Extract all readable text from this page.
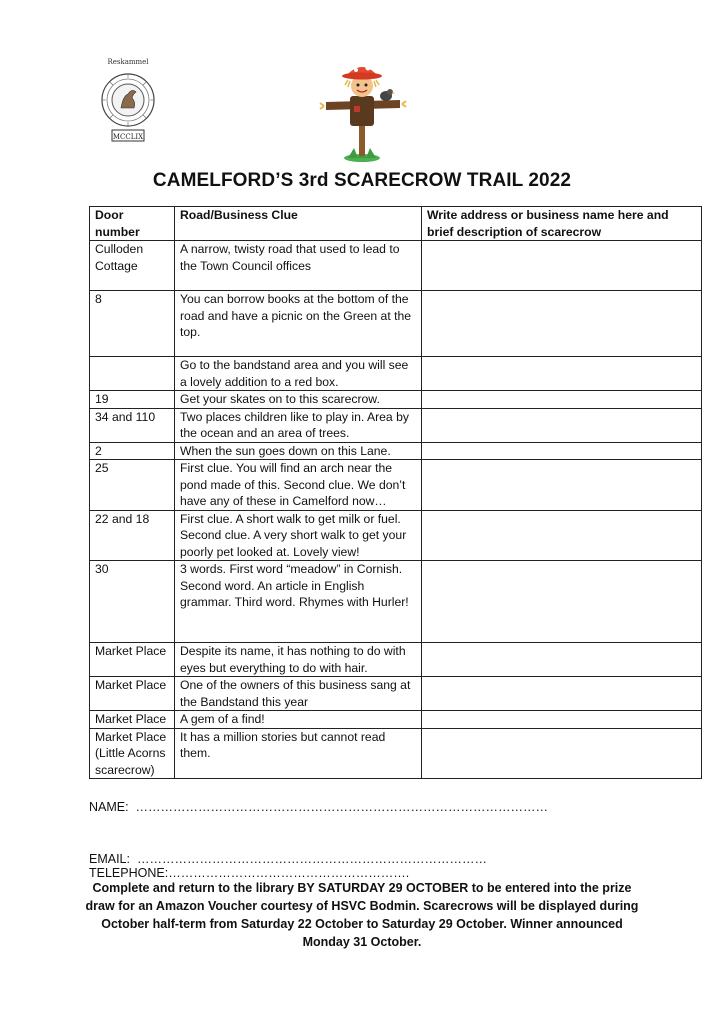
Reskammel
MCCLIX
CAMELFORD’S 3rd SCARECROW TRAIL 2022
Door number	Road/Business Clue	Write address or business name here and brief description of scarecrow
Culloden Cottage	A narrow, twisty road that used to lead to the Town Council offices	
8	You can borrow books at the bottom of the road and have a picnic on the Green at the top.	
	Go to the bandstand area and you will see a lovely addition to a red box.	
19	Get your skates on to this scarecrow.	
34 and 110	Two places children like to play in. Area by the ocean and an area of trees.	
2	When the sun goes down on this Lane.	
25	First clue. You will find an arch near the pond made of this. Second clue. We don’t have any of these in Camelford now…	
22 and 18	First clue. A short walk to get milk or fuel. Second clue. A very short walk to get your poorly pet looked at. Lovely view!	
30	3 words. First word “meadow” in Cornish. Second word. An article in English grammar. Third word. Rhymes with Hurler!	
Market Place	Despite its name, it has nothing to do with eyes but everything to do with hair.	
Market Place	One of the owners of this business sang at the Bandstand this year	
Market Place	A gem of a find!	
Market Place (Little Acorns scarecrow)	It has a million stories but cannot read them.	
NAME: ………………………………………………………………………………………
EMAIL: ………………………………………………………………………… TELEPHONE:………………………………………………….
Complete and return to the library BY SATURDAY 29 OCTOBER to be entered into the prize draw for an Amazon Voucher courtesy of HSVC Bodmin. Scarecrows will be displayed during October half-term from Saturday 22 October to Saturday 29 October. Winner announced Monday 31 October.
